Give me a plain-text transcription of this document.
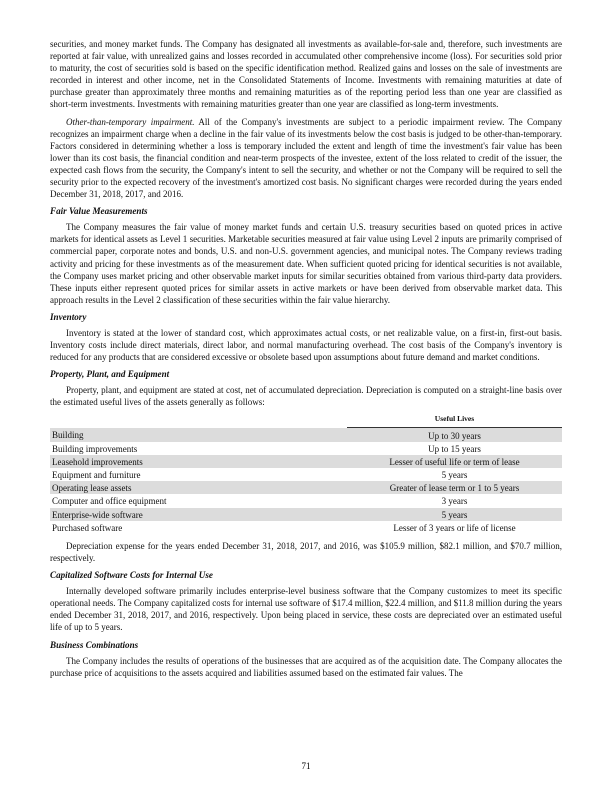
securities, and money market funds. The Company has designated all investments as available-for-sale and, therefore, such investments are reported at fair value, with unrealized gains and losses recorded in accumulated other comprehensive income (loss). For securities sold prior to maturity, the cost of securities sold is based on the specific identification method. Realized gains and losses on the sale of investments are recorded in interest and other income, net in the Consolidated Statements of Income. Investments with remaining maturities at date of purchase greater than approximately three months and remaining maturities as of the reporting period less than one year are classified as short-term investments. Investments with remaining maturities greater than one year are classified as long-term investments.

Other-than-temporary impairment. All of the Company's investments are subject to a periodic impairment review. The Company recognizes an impairment charge when a decline in the fair value of its investments below the cost basis is judged to be other-than-temporary. Factors considered in determining whether a loss is temporary included the extent and length of time the investment's fair value has been lower than its cost basis, the financial condition and near-term prospects of the investee, extent of the loss related to credit of the issuer, the expected cash flows from the security, the Company's intent to sell the security, and whether or not the Company will be required to sell the security prior to the expected recovery of the investment's amortized cost basis. No significant charges were recorded during the years ended December 31, 2018, 2017, and 2016.

Fair Value Measurements

The Company measures the fair value of money market funds and certain U.S. treasury securities based on quoted prices in active markets for identical assets as Level 1 securities. Marketable securities measured at fair value using Level 2 inputs are primarily comprised of commercial paper, corporate notes and bonds, U.S. and non-U.S. government agencies, and municipal notes. The Company reviews trading activity and pricing for these investments as of the measurement date. When sufficient quoted pricing for identical securities is not available, the Company uses market pricing and other observable market inputs for similar securities obtained from various third-party data providers. These inputs either represent quoted prices for similar assets in active markets or have been derived from observable market data. This approach results in the Level 2 classification of these securities within the fair value hierarchy.

Inventory

Inventory is stated at the lower of standard cost, which approximates actual costs, or net realizable value, on a first-in, first-out basis. Inventory costs include direct materials, direct labor, and normal manufacturing overhead. The cost basis of the Company's inventory is reduced for any products that are considered excessive or obsolete based upon assumptions about future demand and market conditions.

Property, Plant, and Equipment

Property, plant, and equipment are stated at cost, net of accumulated depreciation. Depreciation is computed on a straight-line basis over the estimated useful lives of the assets generally as follows:

	Useful Lives
Building	Up to 30 years
Building improvements	Up to 15 years
Leasehold improvements	Lesser of useful life or term of lease
Equipment and furniture	5 years
Operating lease assets	Greater of lease term or 1 to 5 years
Computer and office equipment	3 years
Enterprise-wide software	5 years
Purchased software	Lesser of 3 years or life of license

Depreciation expense for the years ended December 31, 2018, 2017, and 2016, was $105.9 million, $82.1 million, and $70.7 million, respectively.

Capitalized Software Costs for Internal Use

Internally developed software primarily includes enterprise-level business software that the Company customizes to meet its specific operational needs. The Company capitalized costs for internal use software of $17.4 million, $22.4 million, and $11.8 million during the years ended December 31, 2018, 2017, and 2016, respectively. Upon being placed in service, these costs are depreciated over an estimated useful life of up to 5 years.

Business Combinations

The Company includes the results of operations of the businesses that are acquired as of the acquisition date. The Company allocates the purchase price of acquisitions to the assets acquired and liabilities assumed based on the estimated fair values. The

71
